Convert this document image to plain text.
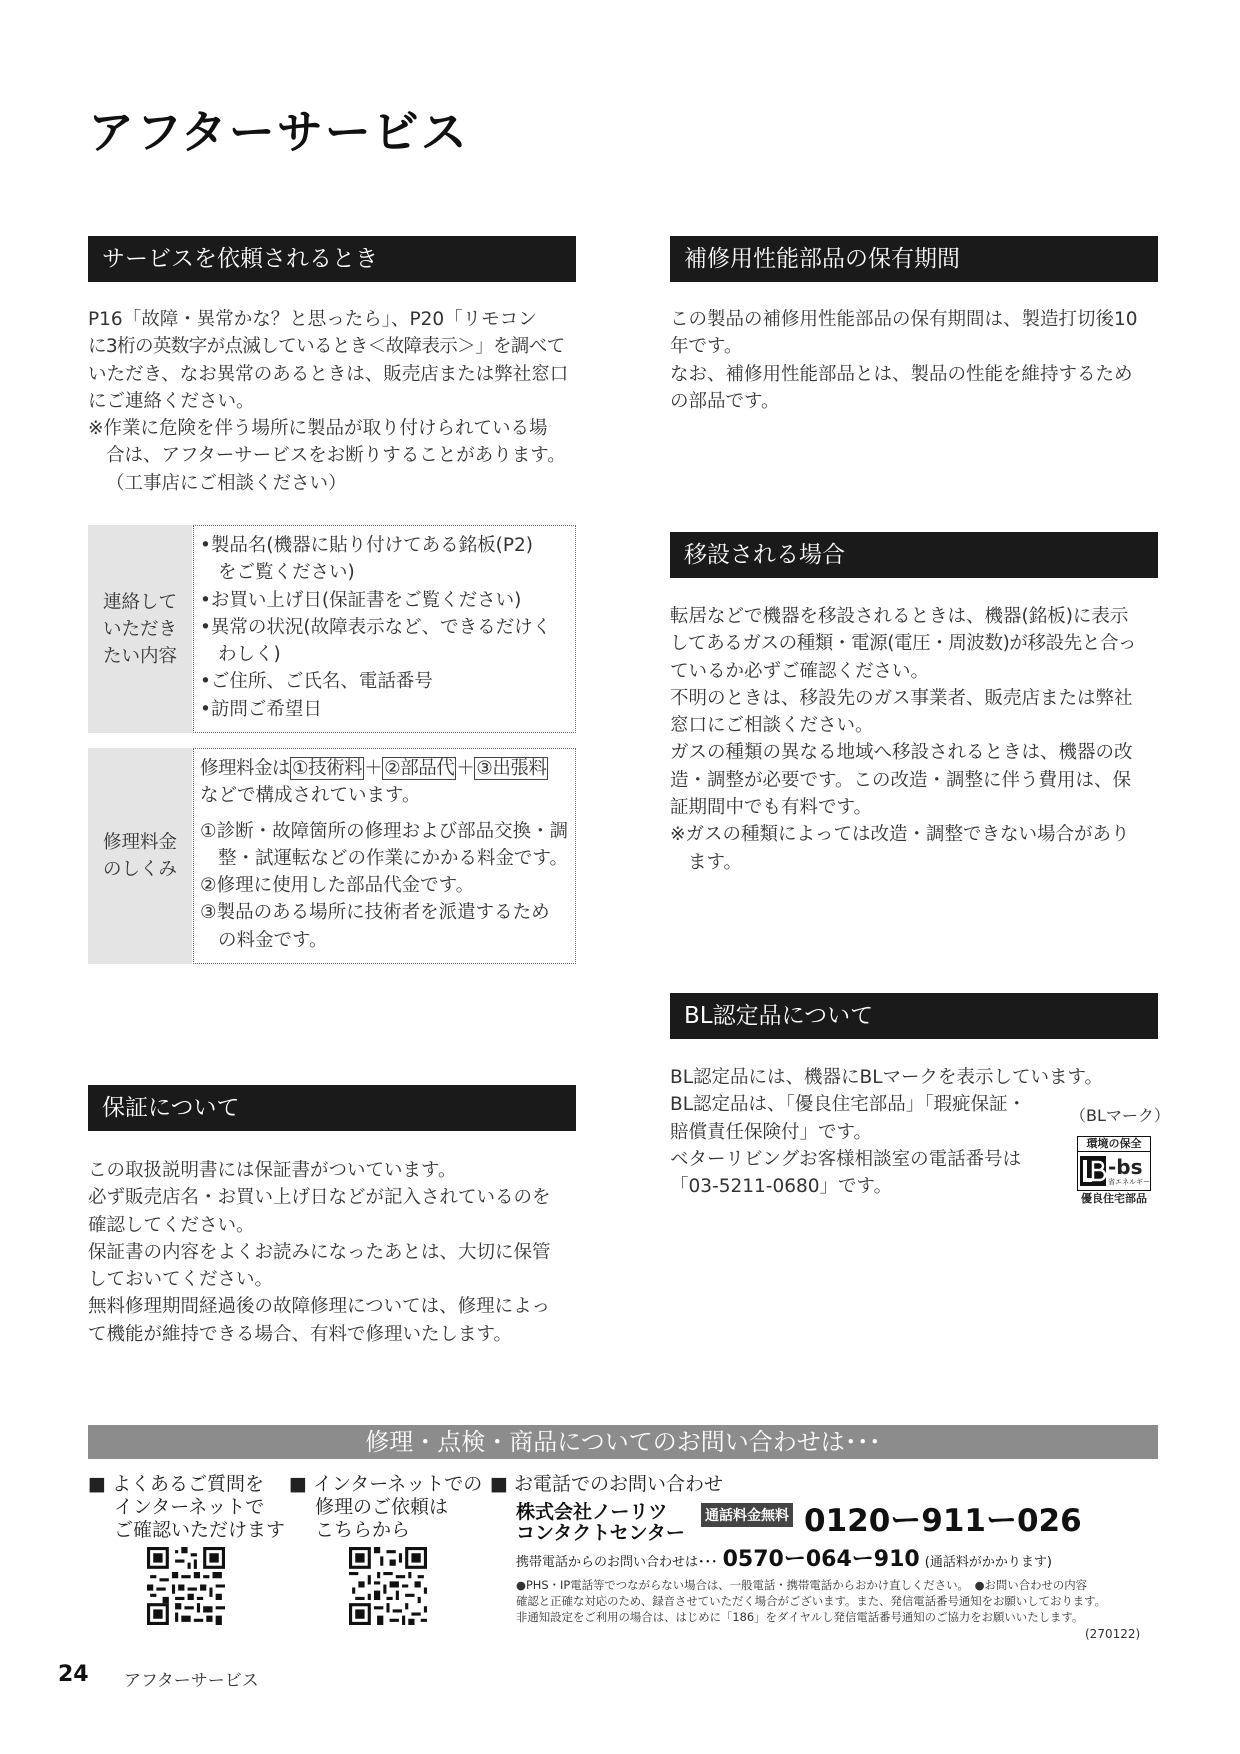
アフターサービス
サービスを依頼されるとき
P16「故障・異常かな？と思ったら」、P20「リモコン
に3桁の英数字が点滅しているとき＜故障表示＞」を調べて
いただき、なお異常のあるときは、販売店または弊社窓口
にご連絡ください。
※作業に危険を伴う場所に製品が取り付けられている場
合は、アフターサービスをお断りすることがあります。
（工事店にご相談ください）
連絡して
いただき
たい内容
•製品名(機器に貼り付けてある銘板(P2)
をご覧ください)
•お買い上げ日(保証書をご覧ください)
•異常の状況(故障表示など、できるだけく
わしく)
•ご住所、ご氏名、電話番号
•訪問ご希望日
修理料金
のしくみ
修理料金は ①技術料 ＋ ②部品代 ＋ ③出張料
などで構成されています。
①診断・故障箇所の修理および部品交換・調
整・試運転などの作業にかかる料金です。
②修理に使用した部品代金です。
③製品のある場所に技術者を派遣するため
の料金です。
保証について
この取扱説明書には保証書がついています。
必ず販売店名・お買い上げ日などが記入されているのを
確認してください。
保証書の内容をよくお読みになったあとは、大切に保管
しておいてください。
無料修理期間経過後の故障修理については、修理によっ
て機能が維持できる場合、有料で修理いたします。
補修用性能部品の保有期間
この製品の補修用性能部品の保有期間は、製造打切後10
年です。
なお、補修用性能部品とは、製品の性能を維持するため
の部品です。
移設される場合
転居などで機器を移設されるときは、機器(銘板)に表示
してあるガスの種類・電源(電圧・周波数)が移設先と合っ
ているか必ずご確認ください。
不明のときは、移設先のガス事業者、販売店または弊社
窓口にご相談ください。
ガスの種類の異なる地域へ移設されるときは、機器の改
造・調整が必要です。この改造・調整に伴う費用は、保
証期間中でも有料です。
※ガスの種類によっては改造・調整できない場合があり
ます。
BL認定品について
BL認定品には、機器にBLマークを表示しています。
BL認定品は、「優良住宅部品」「瑕疵保証・
賠償責任保険付」です。
ベターリビングお客様相談室の電話番号は
「03-5211-0680」です。
（BLマーク）
環境の保全
-bs
省エネルギー
優良住宅部品
修理・点検・商品についてのお問い合わせは･･･
■ よくあるご質問を
インターネットで
ご確認いただけます
■ インターネットでの
修理のご依頼は
こちらから
■ お電話でのお問い合わせ
株式会社ノーリツ
コンタクトセンター
通話料金無料 0120ー911ー026
携帯電話からのお問い合わせは･･･ 0570ー064ー910 (通話料がかかります)
●PHS・IP電話等でつながらない場合は、一般電話・携帯電話からおかけ直しください。　●お問い合わせの内容
確認と正確な対応のため、録音させていただく場合がございます。また、発信電話番号通知をお願いしております。
非通知設定をご利用の場合は、はじめに「186」をダイヤルし発信電話番号通知のご協力をお願いいたします。
(270122)
24 アフターサービス
